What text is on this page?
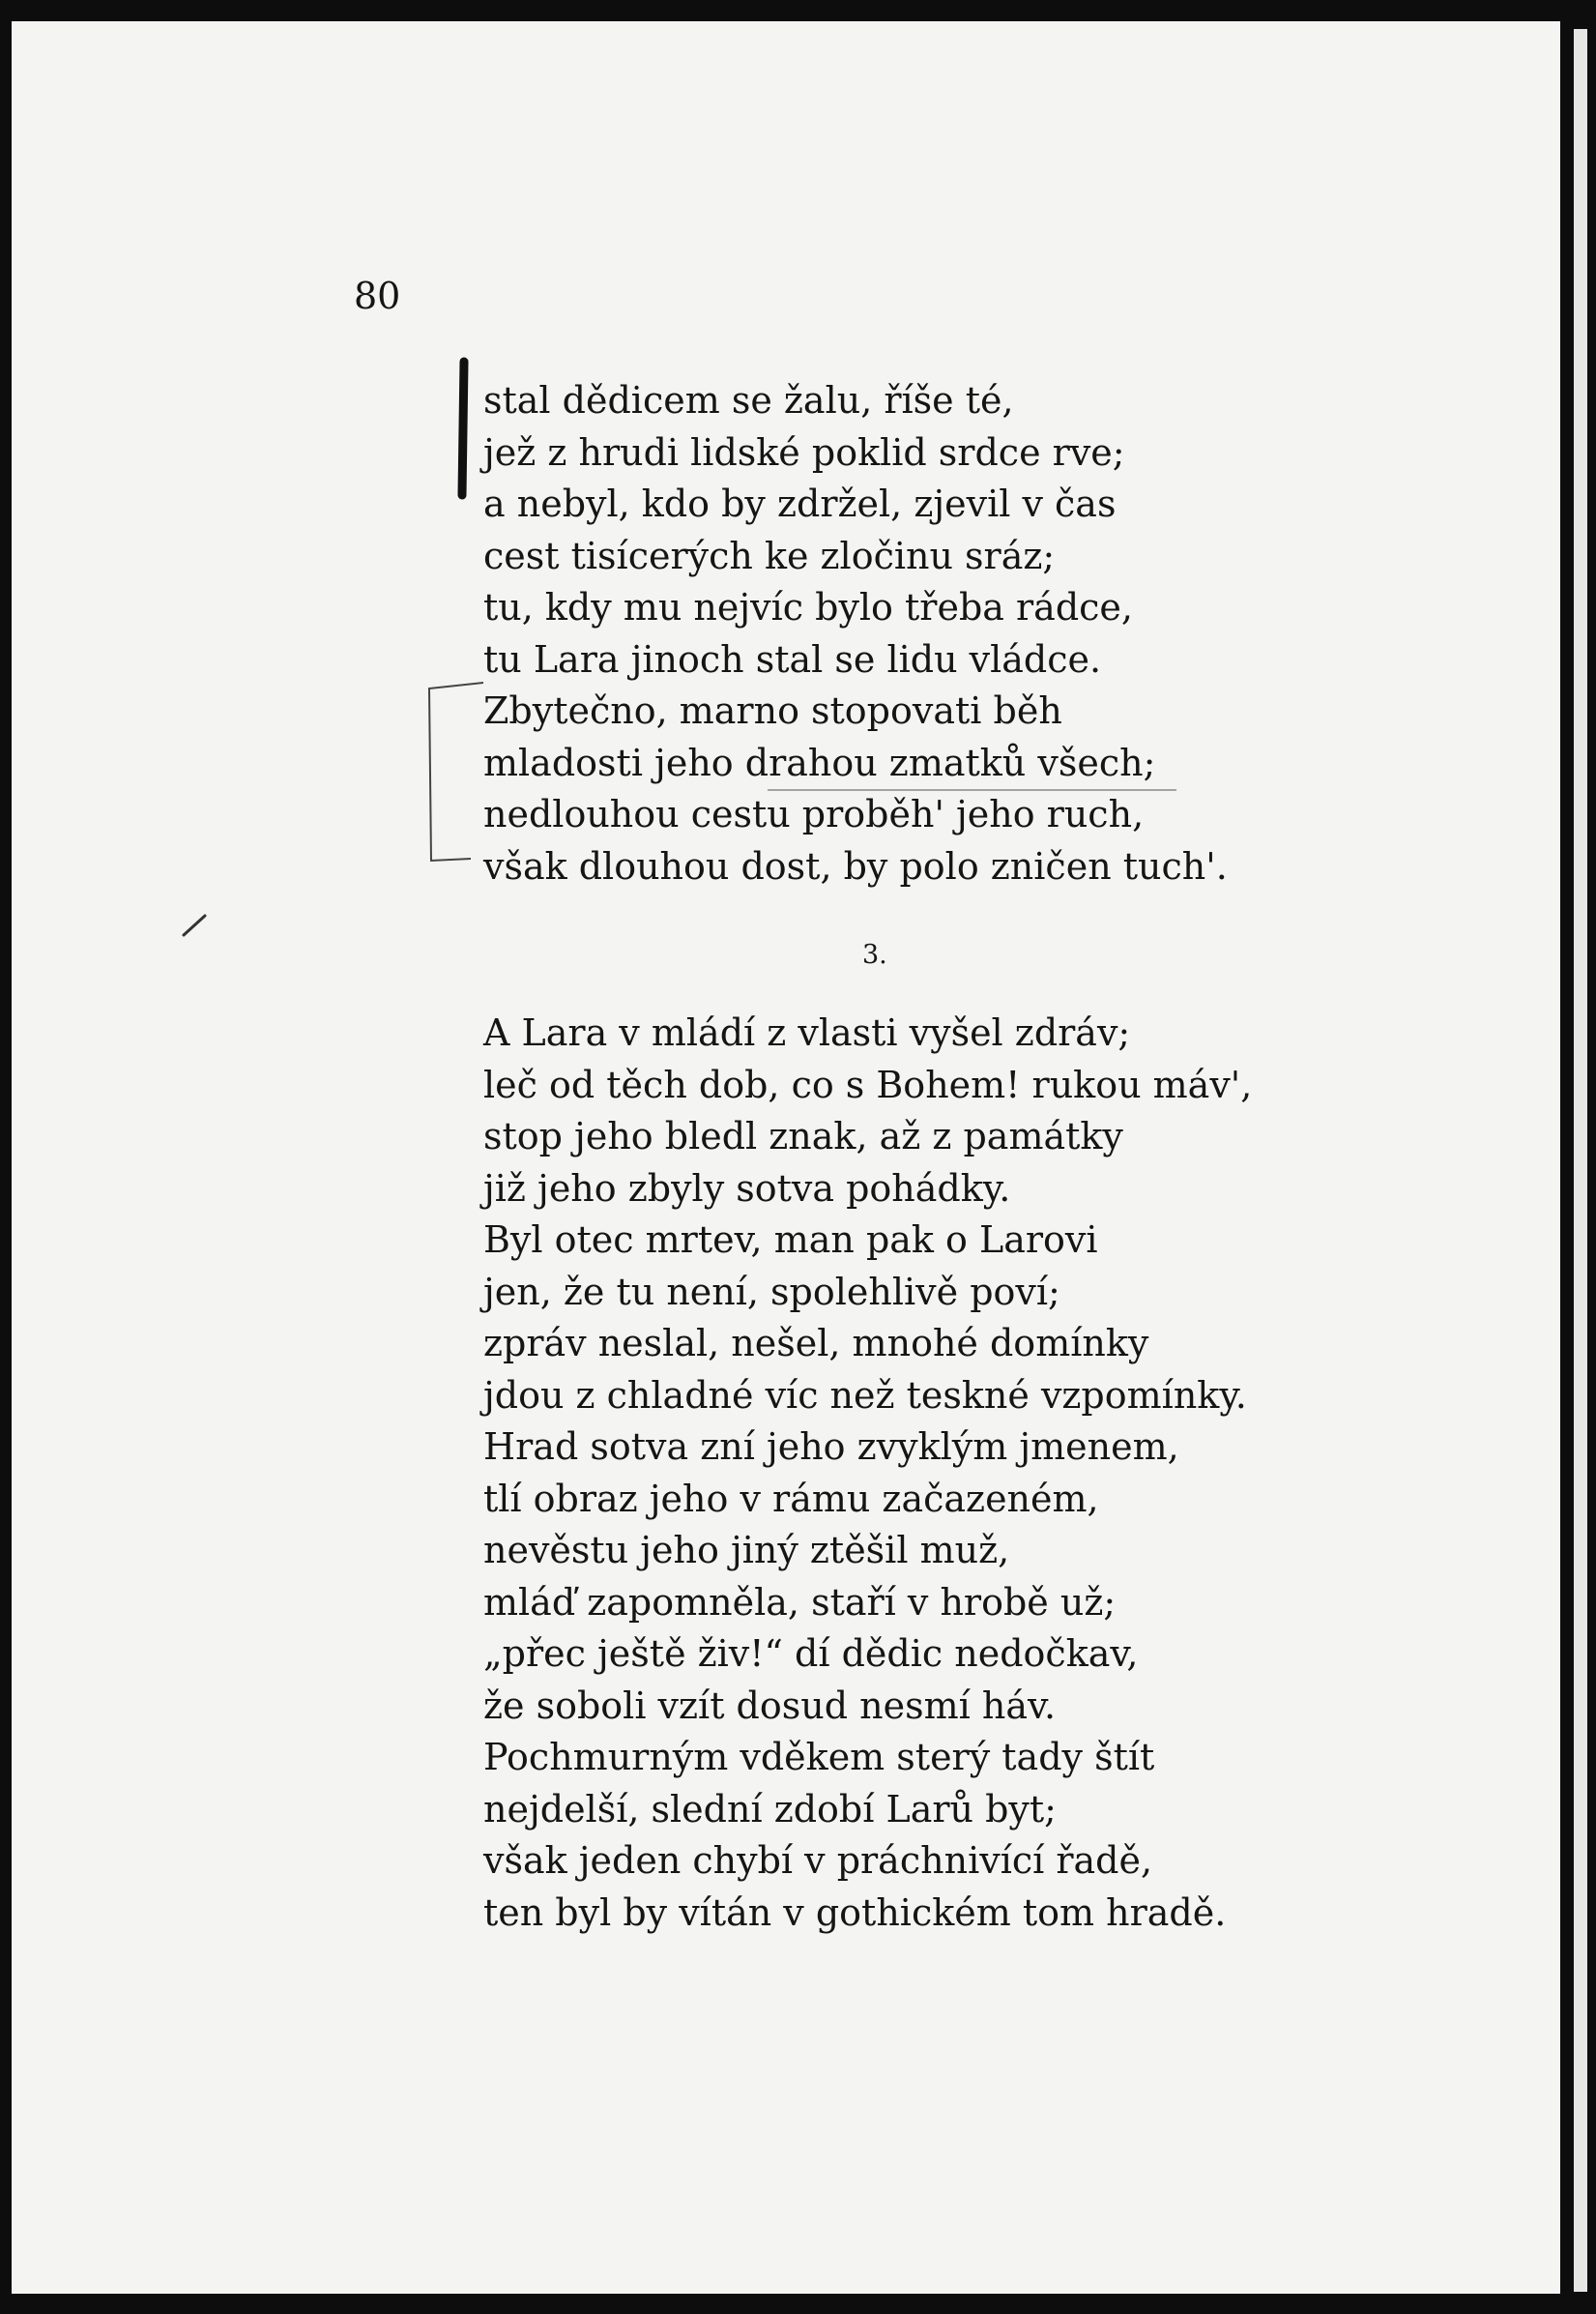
80
stal dědicem se žalu, říše té,
jež z hrudi lidské poklid srdce rve;
a nebyl, kdo by zdržel, zjevil v čas
cest tisícerých ke zločinu sráz;
tu, kdy mu nejvíc bylo třeba rádce,
tu Lara jinoch stal se lidu vládce.
Zbytečno, marno stopovati běh
mladosti jeho drahou zmatků všech;
nedlouhou cestu proběh' jeho ruch,
však dlouhou dost, by polo zničen tuch'.
3.
A Lara v mládí z vlasti vyšel zdráv;
leč od těch dob, co s Bohem! rukou máv',
stop jeho bledl znak, až z památky
již jeho zbyly sotva pohádky.
Byl otec mrtev, man pak o Larovi
jen, že tu není, spolehlivě poví;
zpráv neslal, nešel, mnohé domínky
jdou z chladné víc než teskné vzpomínky.
Hrad sotva zní jeho zvyklým jmenem,
tlí obraz jeho v rámu začazeném,
nevěstu jeho jiný ztěšil muž,
mláď zapomněla, staří v hrobě už;
„přec ještě živ!“ dí dědic nedočkav,
že soboli vzít dosud nesmí háv.
Pochmurným vděkem sterý tady štít
nejdelší, slední zdobí Larů byt;
však jeden chybí v práchnivící řadě,
ten byl by vítán v gothickém tom hradě.
